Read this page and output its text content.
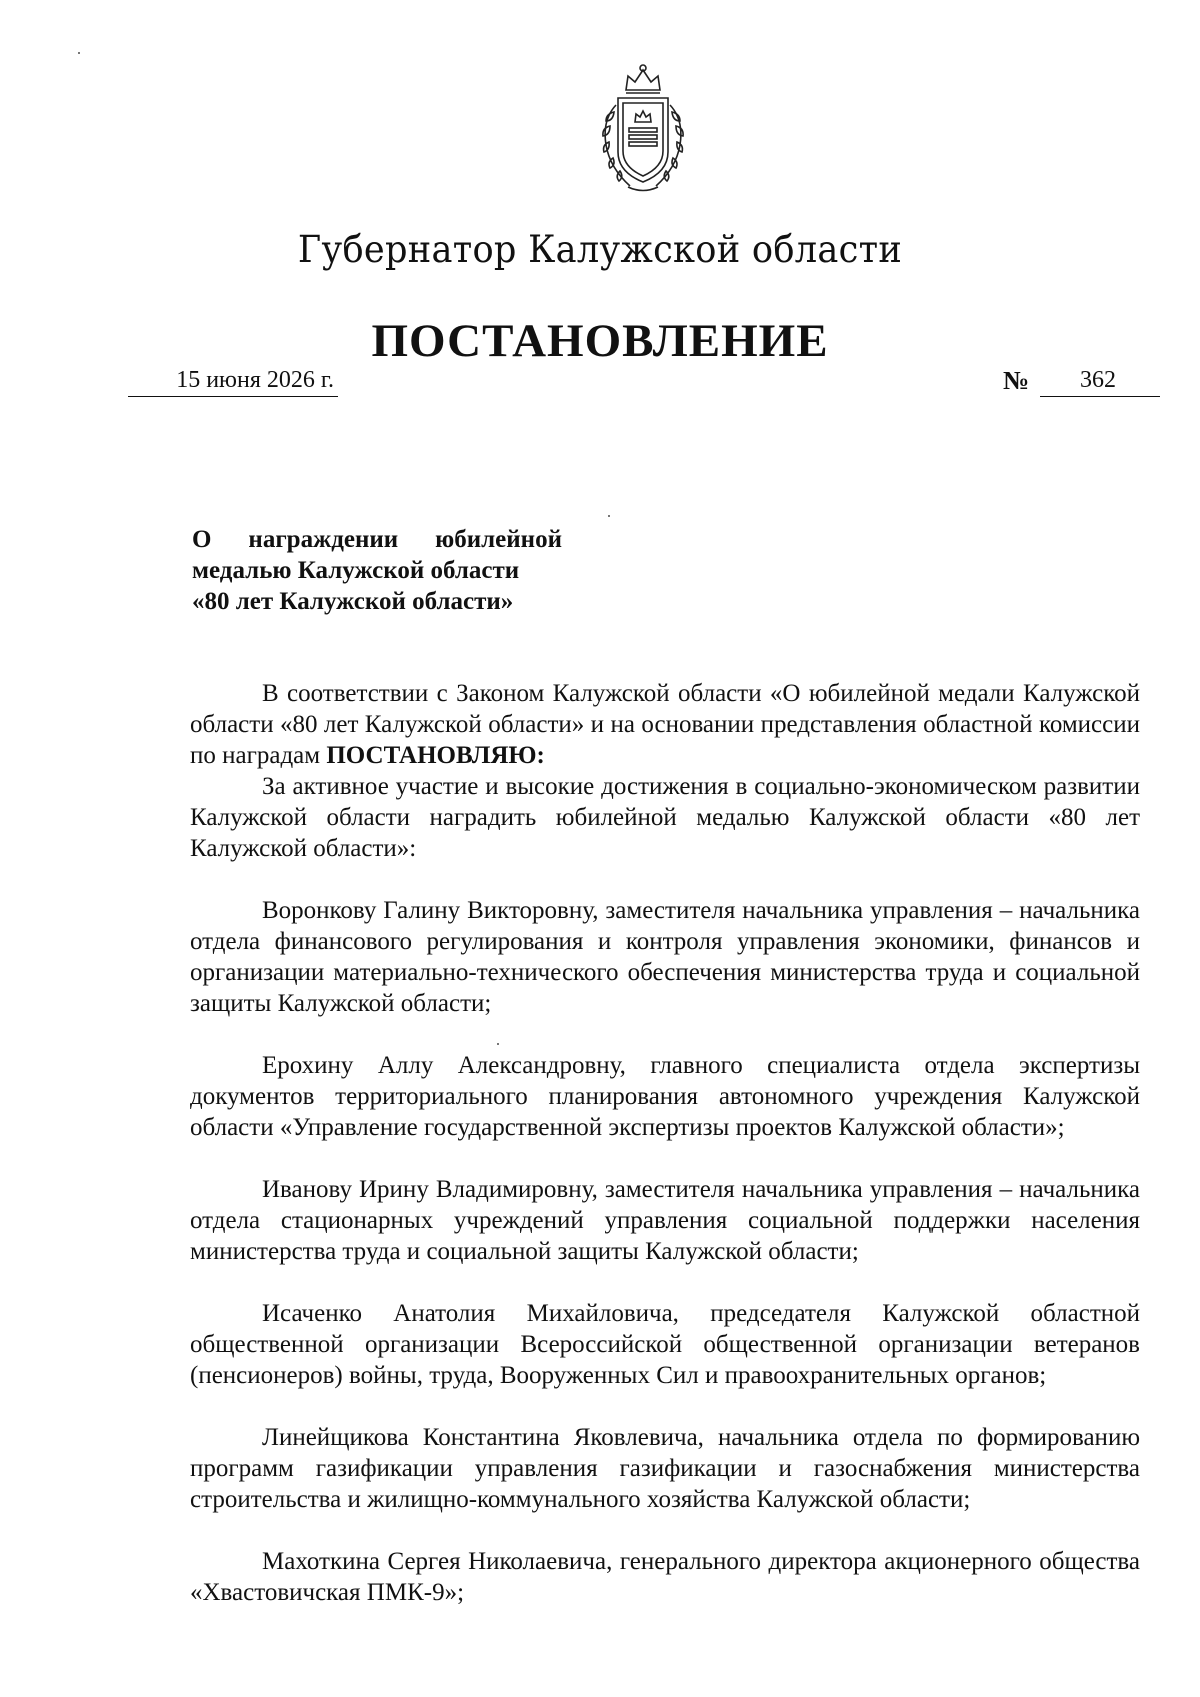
Губернатор Калужской области
ПОСТАНОВЛЕНИЕ
15 июня 2026 г.	№ 362
О награждении юбилейной
медалью Калужской области
«80 лет Калужской области»

В соответствии с Законом Калужской области «О юбилейной медали Калужской области «80 лет Калужской области» и на основании представления областной комиссии по наградам ПОСТАНОВЛЯЮ:

За активное участие и высокие достижения в социально-экономическом развитии Калужской области наградить юбилейной медалью Калужской области «80 лет Калужской области»:

Воронкову Галину Викторовну, заместителя начальника управления – начальника отдела финансового регулирования и контроля управления экономики, финансов и организации материально-технического обеспечения министерства труда и социальной защиты Калужской области;

Ерохину Аллу Александровну, главного специалиста отдела экспертизы документов территориального планирования автономного учреждения Калужской области «Управление государственной экспертизы проектов Калужской области»;

Иванову Ирину Владимировну, заместителя начальника управления – начальника отдела стационарных учреждений управления социальной поддержки населения министерства труда и социальной защиты Калужской области;

Исаченко Анатолия Михайловича, председателя Калужской областной общественной организации Всероссийской общественной организации ветеранов (пенсионеров) войны, труда, Вооруженных Сил и правоохранительных органов;

Линейщикова Константина Яковлевича, начальника отдела по формированию программ газификации управления газификации и газоснабжения министерства строительства и жилищно-коммунального хозяйства Калужской области;

Махоткина Сергея Николаевича, генерального директора акционерного общества «Хвастовичская ПМК-9»;
